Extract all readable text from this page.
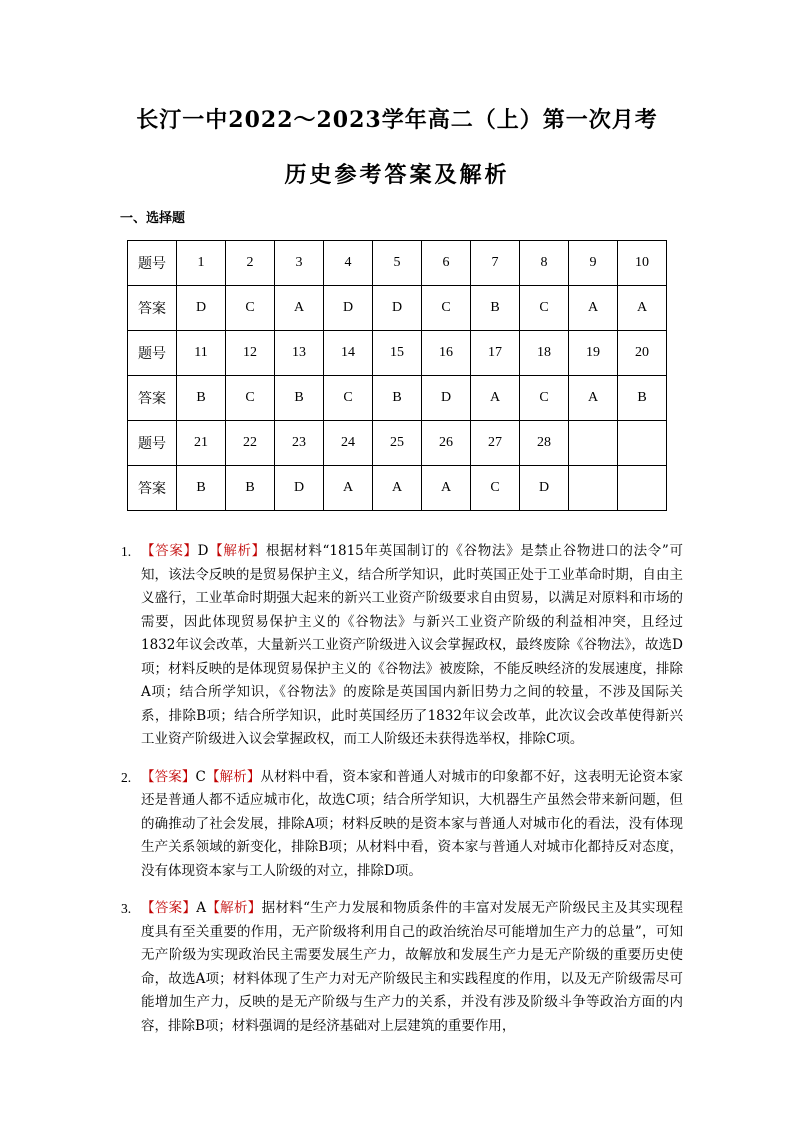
长汀一中2022～2023学年高二（上）第一次月考
历史参考答案及解析
一、选择题
题号	1	2	3	4	5	6	7	8	9	10
答案	D	C	A	D	D	C	B	C	A	A
题号	11	12	13	14	15	16	17	18	19	20
答案	B	C	B	C	B	D	A	C	A	B
题号	21	22	23	24	25	26	27	28		
答案	B	B	D	A	A	A	C	D		
1. 【答案】D【解析】根据材料“1815年英国制订的《谷物法》是禁止谷物进口的法令”可知，该法令反映的是贸易保护主义，结合所学知识，此时英国正处于工业革命时期，自由主义盛行，工业革命时期强大起来的新兴工业资产阶级要求自由贸易，以满足对原料和市场的需要，因此体现贸易保护主义的《谷物法》与新兴工业资产阶级的利益相冲突，且经过1832年议会改革，大量新兴工业资产阶级进入议会掌握政权，最终废除《谷物法》，故选D项；材料反映的是体现贸易保护主义的《谷物法》被废除，不能反映经济的发展速度，排除A项；结合所学知识，《谷物法》的废除是英国国内新旧势力之间的较量，不涉及国际关系，排除B项；结合所学知识，此时英国经历了1832年议会改革，此次议会改革使得新兴工业资产阶级进入议会掌握政权，而工人阶级还未获得选举权，排除C项。
2. 【答案】C【解析】从材料中看，资本家和普通人对城市的印象都不好，这表明无论资本家还是普通人都不适应城市化，故选C项；结合所学知识，大机器生产虽然会带来新问题，但的确推动了社会发展，排除A项；材料反映的是资本家与普通人对城市化的看法，没有体现生产关系领域的新变化，排除B项；从材料中看，资本家与普通人对城市化都持反对态度，没有体现资本家与工人阶级的对立，排除D项。
3. 【答案】A【解析】据材料“生产力发展和物质条件的丰富对发展无产阶级民主及其实现程度具有至关重要的作用，无产阶级将利用自己的政治统治尽可能增加生产力的总量”，可知无产阶级为实现政治民主需要发展生产力，故解放和发展生产力是无产阶级的重要历史使命，故选A项；材料体现了生产力对无产阶级民主和实践程度的作用，以及无产阶级需尽可能增加生产力，反映的是无产阶级与生产力的关系，并没有涉及阶级斗争等政治方面的内容，排除B项；材料强调的是经济基础对上层建筑的重要作用，
